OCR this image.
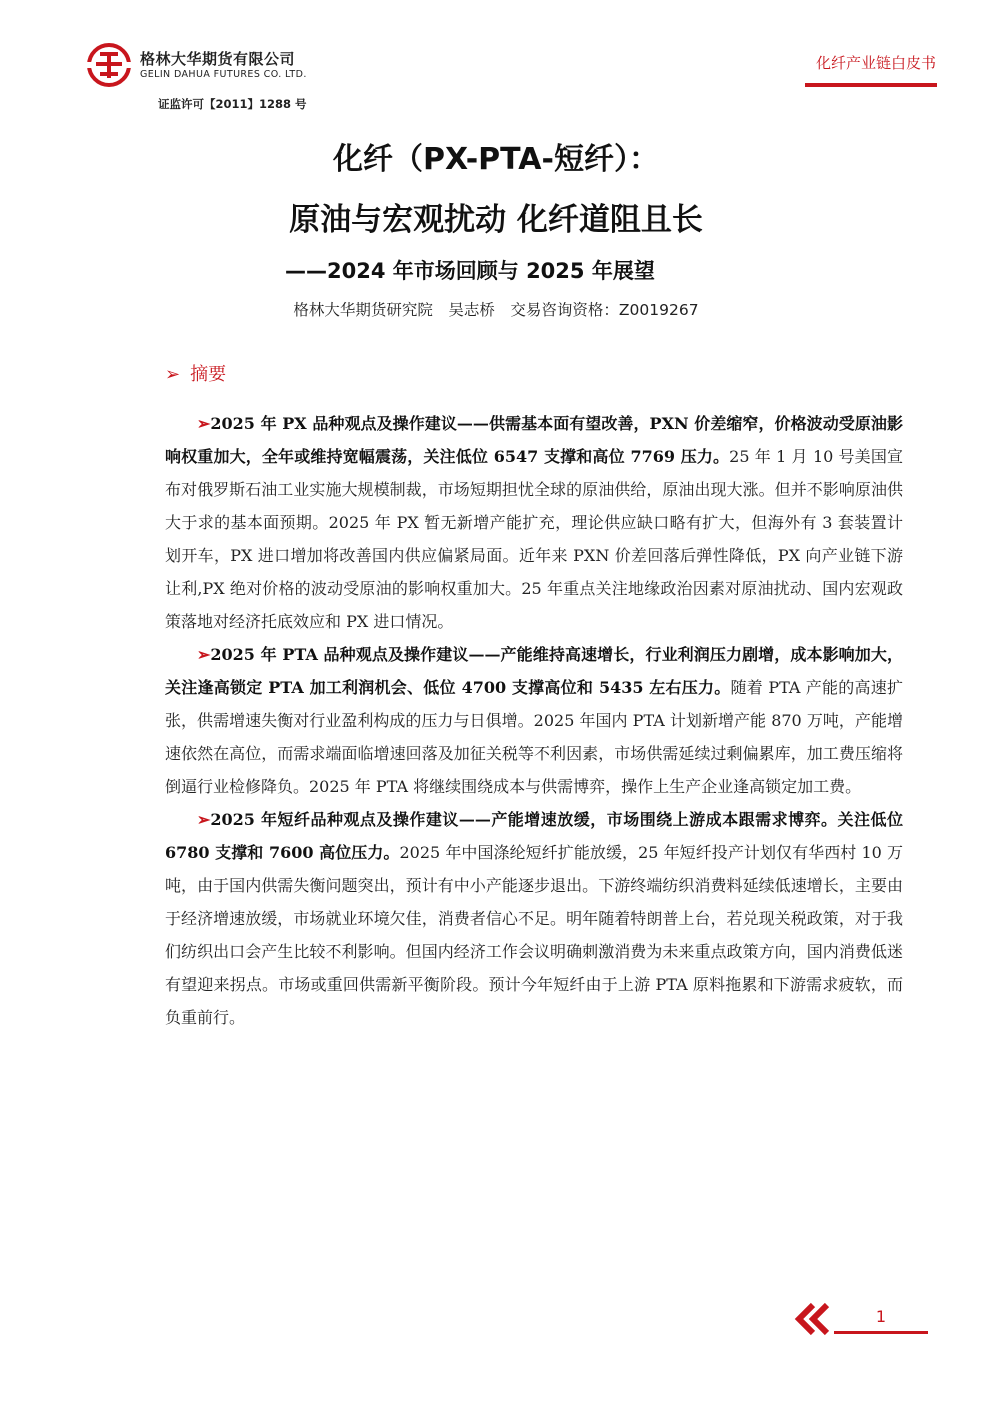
格林大华期货有限公司
GELIN DAHUA FUTURES CO. LTD.
证监许可【2011】1288 号
化纤产业链白皮书
化纤（PX-PTA-短纤）：
原油与宏观扰动 化纤道阻且长
——2024 年市场回顾与 2025 年展望
格林大华期货研究院　吴志桥　交易咨询资格：Z0019267
➢ 摘要

➢2025 年 PX 品种观点及操作建议——供需基本面有望改善，PXN 价差缩窄，价格波动受原油影响权重加大，全年或维持宽幅震荡，关注低位 6547 支撑和高位 7769 压力。25 年 1 月 10 号美国宣布对俄罗斯石油工业实施大规模制裁，市场短期担忧全球的原油供给，原油出现大涨。但并不影响原油供大于求的基本面预期。2025 年 PX 暂无新增产能扩充，理论供应缺口略有扩大，但海外有 3 套装置计划开车，PX 进口增加将改善国内供应偏紧局面。近年来 PXN 价差回落后弹性降低，PX 向产业链下游让利,PX 绝对价格的波动受原油的影响权重加大。25 年重点关注地缘政治因素对原油扰动、国内宏观政策落地对经济托底效应和 PX 进口情况。

➢2025 年 PTA 品种观点及操作建议——产能维持高速增长，行业利润压力剧增，成本影响加大，关注逢高锁定 PTA 加工利润机会、低位 4700 支撑高位和 5435 左右压力。随着 PTA 产能的高速扩张，供需增速失衡对行业盈利构成的压力与日俱增。2025 年国内 PTA 计划新增产能 870 万吨，产能增速依然在高位，而需求端面临增速回落及加征关税等不利因素，市场供需延续过剩偏累库，加工费压缩将倒逼行业检修降负。2025 年 PTA 将继续围绕成本与供需博弈，操作上生产企业逢高锁定加工费。

➢2025 年短纤品种观点及操作建议——产能增速放缓，市场围绕上游成本跟需求博弈。关注低位 6780 支撑和 7600 高位压力。2025 年中国涤纶短纤扩能放缓，25 年短纤投产计划仅有华西村 10 万吨，由于国内供需失衡问题突出，预计有中小产能逐步退出。下游终端纺织消费料延续低速增长，主要由于经济增速放缓，市场就业环境欠佳，消费者信心不足。明年随着特朗普上台，若兑现关税政策，对于我们纺织出口会产生比较不利影响。但国内经济工作会议明确刺激消费为未来重点政策方向，国内消费低迷有望迎来拐点。市场或重回供需新平衡阶段。预计今年短纤由于上游 PTA 原料拖累和下游需求疲软，而负重前行。

1
